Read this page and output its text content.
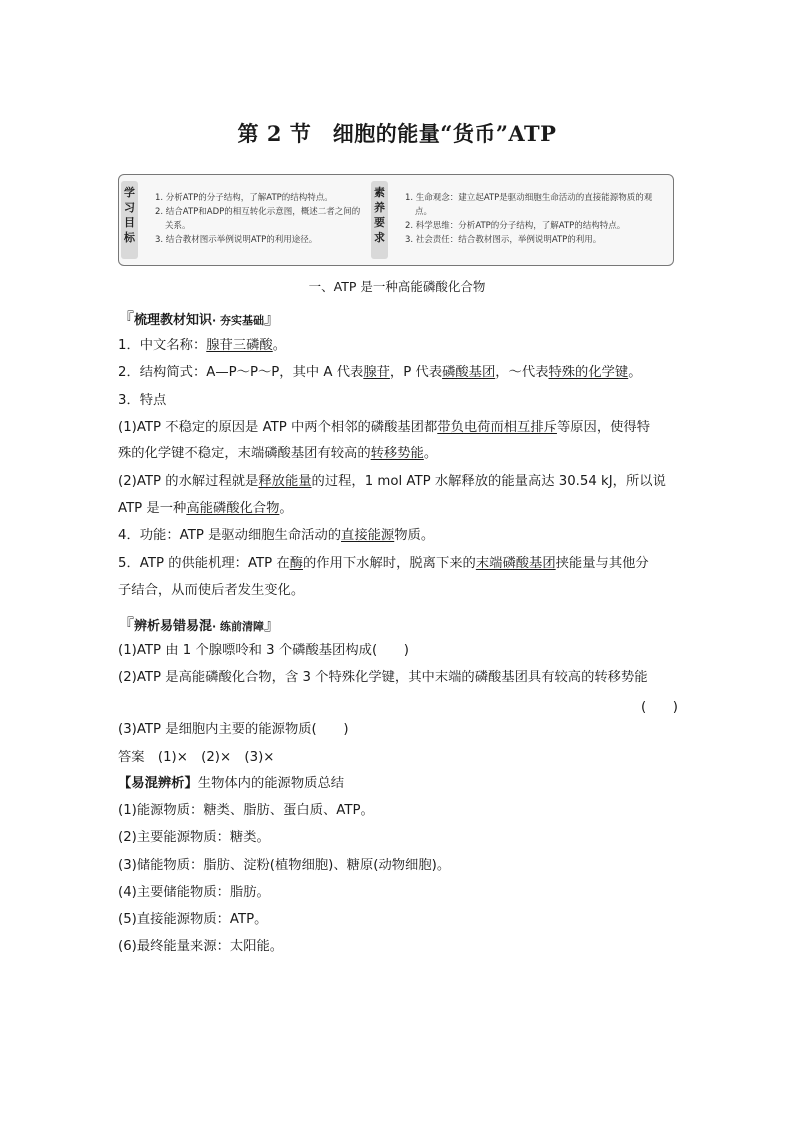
第 2 节　细胞的能量“货币”ATP
学习目标

1. 分析ATP的分子结构，了解ATP的结构特点。

2. 结合ATP和ADP的相互转化示意图，概述二者之间的关系。

3. 结合教材图示举例说明ATP的利用途径。

素养要求

1. 生命观念：建立起ATP是驱动细胞生命活动的直接能源物质的观点。

2. 科学思维：分析ATP的分子结构，了解ATP的结构特点。

3. 社会责任：结合教材图示，举例说明ATP的利用。

一、ATP 是一种高能磷酸化合物
『梳理教材知识· 夯实基础』
1．中文名称：腺苷三磷酸。
2．结构简式：A—P～P～P，其中 A 代表腺苷，P 代表磷酸基团，～代表特殊的化学键。
3．特点
(1)ATP 不稳定的原因是 ATP 中两个相邻的磷酸基团都带负电荷而相互排斥等原因，使得特
殊的化学键不稳定，末端磷酸基团有较高的转移势能。
(2)ATP 的水解过程就是释放能量的过程，1 mol ATP 水解释放的能量高达 30.54 kJ，所以说
ATP 是一种高能磷酸化合物。
4．功能：ATP 是驱动细胞生命活动的直接能源物质。
5．ATP 的供能机理：ATP 在酶的作用下水解时，脱离下来的末端磷酸基团挟能量与其他分
子结合，从而使后者发生变化。
『辨析易错易混· 练前清障』
(1)ATP 由 1 个腺嘌呤和 3 个磷酸基团构成(　　)
(2)ATP 是高能磷酸化合物，含 3 个特殊化学键，其中末端的磷酸基团具有较高的转移势能
(　　)
(3)ATP 是细胞内主要的能源物质(　　)
答案　(1)×　(2)×　(3)×
【易混辨析】生物体内的能源物质总结
(1)能源物质：糖类、脂肪、蛋白质、ATP。
(2)主要能源物质：糖类。
(3)储能物质：脂肪、淀粉(植物细胞)、糖原(动物细胞)。
(4)主要储能物质：脂肪。
(5)直接能源物质：ATP。
(6)最终能量来源：太阳能。
